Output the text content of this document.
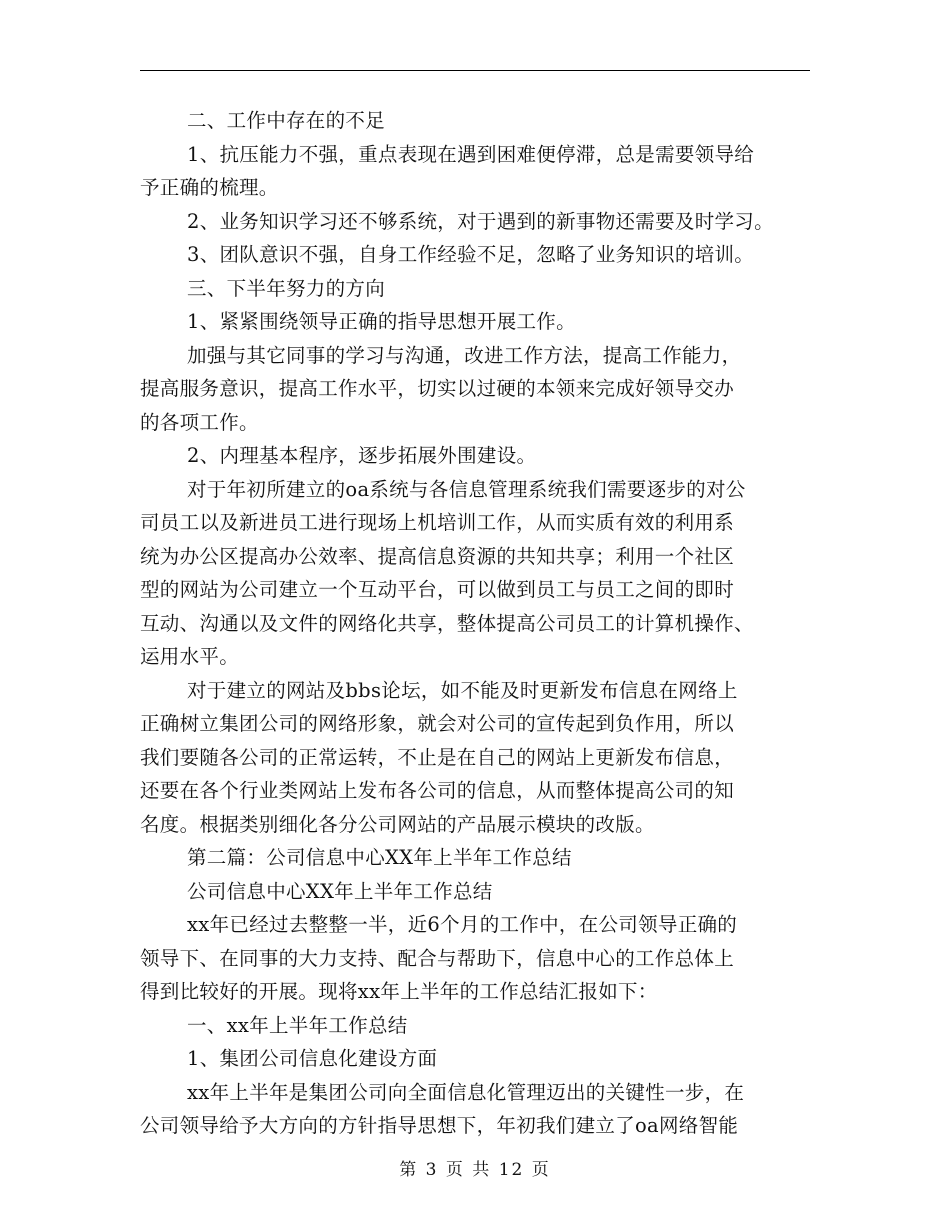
二、工作中存在的不足
1、抗压能力不强，重点表现在遇到困难便停滞，总是需要领导给
予正确的梳理。
2、业务知识学习还不够系统，对于遇到的新事物还需要及时学习。
3、团队意识不强，自身工作经验不足，忽略了业务知识的培训。
三、下半年努力的方向
1、紧紧围绕领导正确的指导思想开展工作。
加强与其它同事的学习与沟通，改进工作方法，提高工作能力，
提高服务意识，提高工作水平，切实以过硬的本领来完成好领导交办
的各项工作。
2、内理基本程序，逐步拓展外围建设。
对于年初所建立的oa系统与各信息管理系统我们需要逐步的对公
司员工以及新进员工进行现场上机培训工作，从而实质有效的利用系
统为办公区提高办公效率、提高信息资源的共知共享；利用一个社区
型的网站为公司建立一个互动平台，可以做到员工与员工之间的即时
互动、沟通以及文件的网络化共享，整体提高公司员工的计算机操作、
运用水平。
对于建立的网站及bbs论坛，如不能及时更新发布信息在网络上
正确树立集团公司的网络形象，就会对公司的宣传起到负作用，所以
我们要随各公司的正常运转，不止是在自己的网站上更新发布信息，
还要在各个行业类网站上发布各公司的信息，从而整体提高公司的知
名度。根据类别细化各分公司网站的产品展示模块的改版。
第二篇：公司信息中心XX年上半年工作总结
公司信息中心XX年上半年工作总结
xx年已经过去整整一半，近6个月的工作中，在公司领导正确的
领导下、在同事的大力支持、配合与帮助下，信息中心的工作总体上
得到比较好的开展。现将xx年上半年的工作总结汇报如下：
一、xx年上半年工作总结
1、集团公司信息化建设方面
xx年上半年是集团公司向全面信息化管理迈出的关键性一步，在
公司领导给予大方向的方针指导思想下，年初我们建立了oa网络智能
第 3 页 共 12 页
